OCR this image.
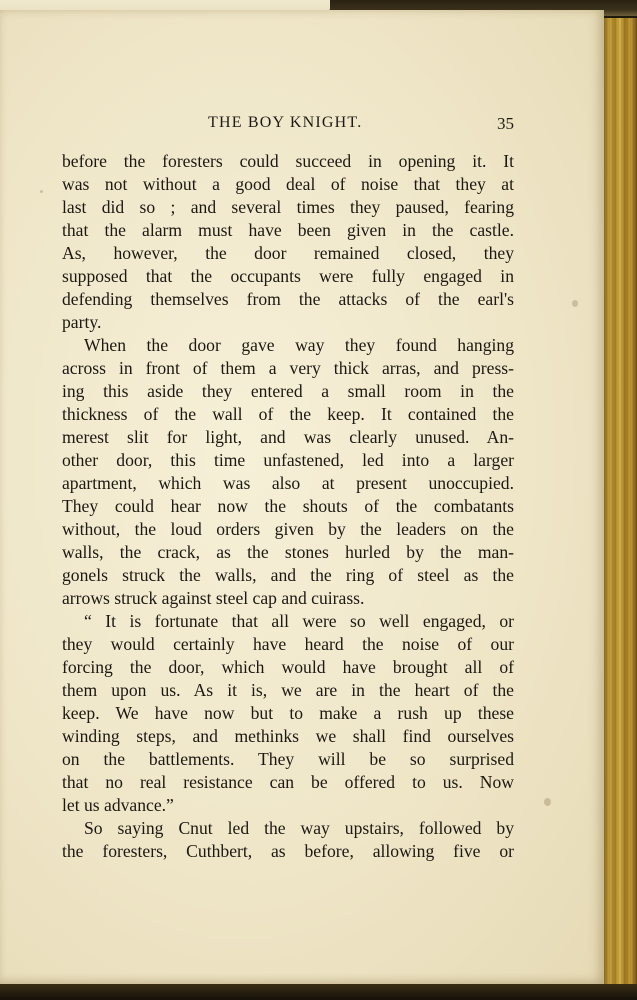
THE BOY KNIGHT.	35
before the foresters could succeed in opening it. It
was not without a good deal of noise that they at
last did so ; and several times they paused, fearing
that the alarm must have been given in the castle.
As, however, the door remained closed, they
supposed that the occupants were fully engaged in
defending themselves from the attacks of the earl's
party.
When the door gave way they found hanging
across in front of them a very thick arras, and press-
ing this aside they entered a small room in the
thickness of the wall of the keep. It contained the
merest slit for light, and was clearly unused. An-
other door, this time unfastened, led into a larger
apartment, which was also at present unoccupied.
They could hear now the shouts of the combatants
without, the loud orders given by the leaders on the
walls, the crack, as the stones hurled by the man-
gonels struck the walls, and the ring of steel as the
arrows struck against steel cap and cuirass.
“ It is fortunate that all were so well engaged, or
they would certainly have heard the noise of our
forcing the door, which would have brought all of
them upon us. As it is, we are in the heart of the
keep. We have now but to make a rush up these
winding steps, and methinks we shall find ourselves
on the battlements. They will be so surprised
that no real resistance can be offered to us. Now
let us advance.”
So saying Cnut led the way upstairs, followed by
the foresters, Cuthbert, as before, allowing five or
